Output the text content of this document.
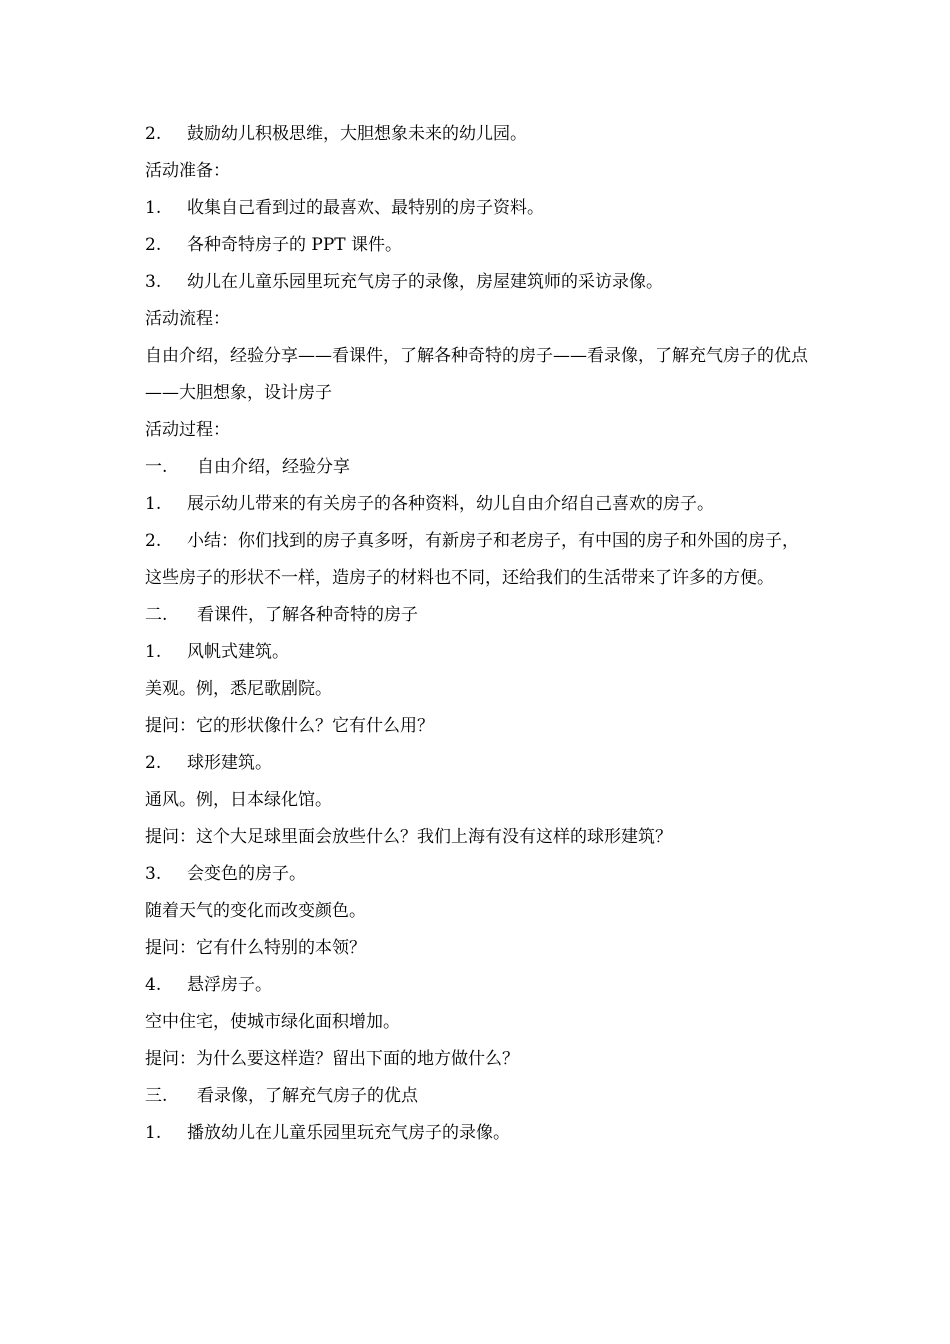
2. 鼓励幼儿积极思维，大胆想象未来的幼儿园。
活动准备：
1. 收集自己看到过的最喜欢、最特别的房子资料。
2. 各种奇特房子的 PPT 课件。
3. 幼儿在儿童乐园里玩充气房子的录像，房屋建筑师的采访录像。
活动流程：
自由介绍，经验分享——看课件，了解各种奇特的房子——看录像，了解充气房子的优点——大胆想象，设计房子
活动过程：
一. 自由介绍，经验分享
1. 展示幼儿带来的有关房子的各种资料，幼儿自由介绍自己喜欢的房子。
2. 小结：你们找到的房子真多呀，有新房子和老房子，有中国的房子和外国的房子，这些房子的形状不一样，造房子的材料也不同，还给我们的生活带来了许多的方便。
二. 看课件，了解各种奇特的房子
1. 风帆式建筑。
美观。例，悉尼歌剧院。
提问：它的形状像什么？它有什么用？
2. 球形建筑。
通风。例，日本绿化馆。
提问：这个大足球里面会放些什么？我们上海有没有这样的球形建筑？
3. 会变色的房子。
随着天气的变化而改变颜色。
提问：它有什么特别的本领？
4. 悬浮房子。
空中住宅，使城市绿化面积增加。
提问：为什么要这样造？留出下面的地方做什么？
三. 看录像，了解充气房子的优点
1. 播放幼儿在儿童乐园里玩充气房子的录像。
